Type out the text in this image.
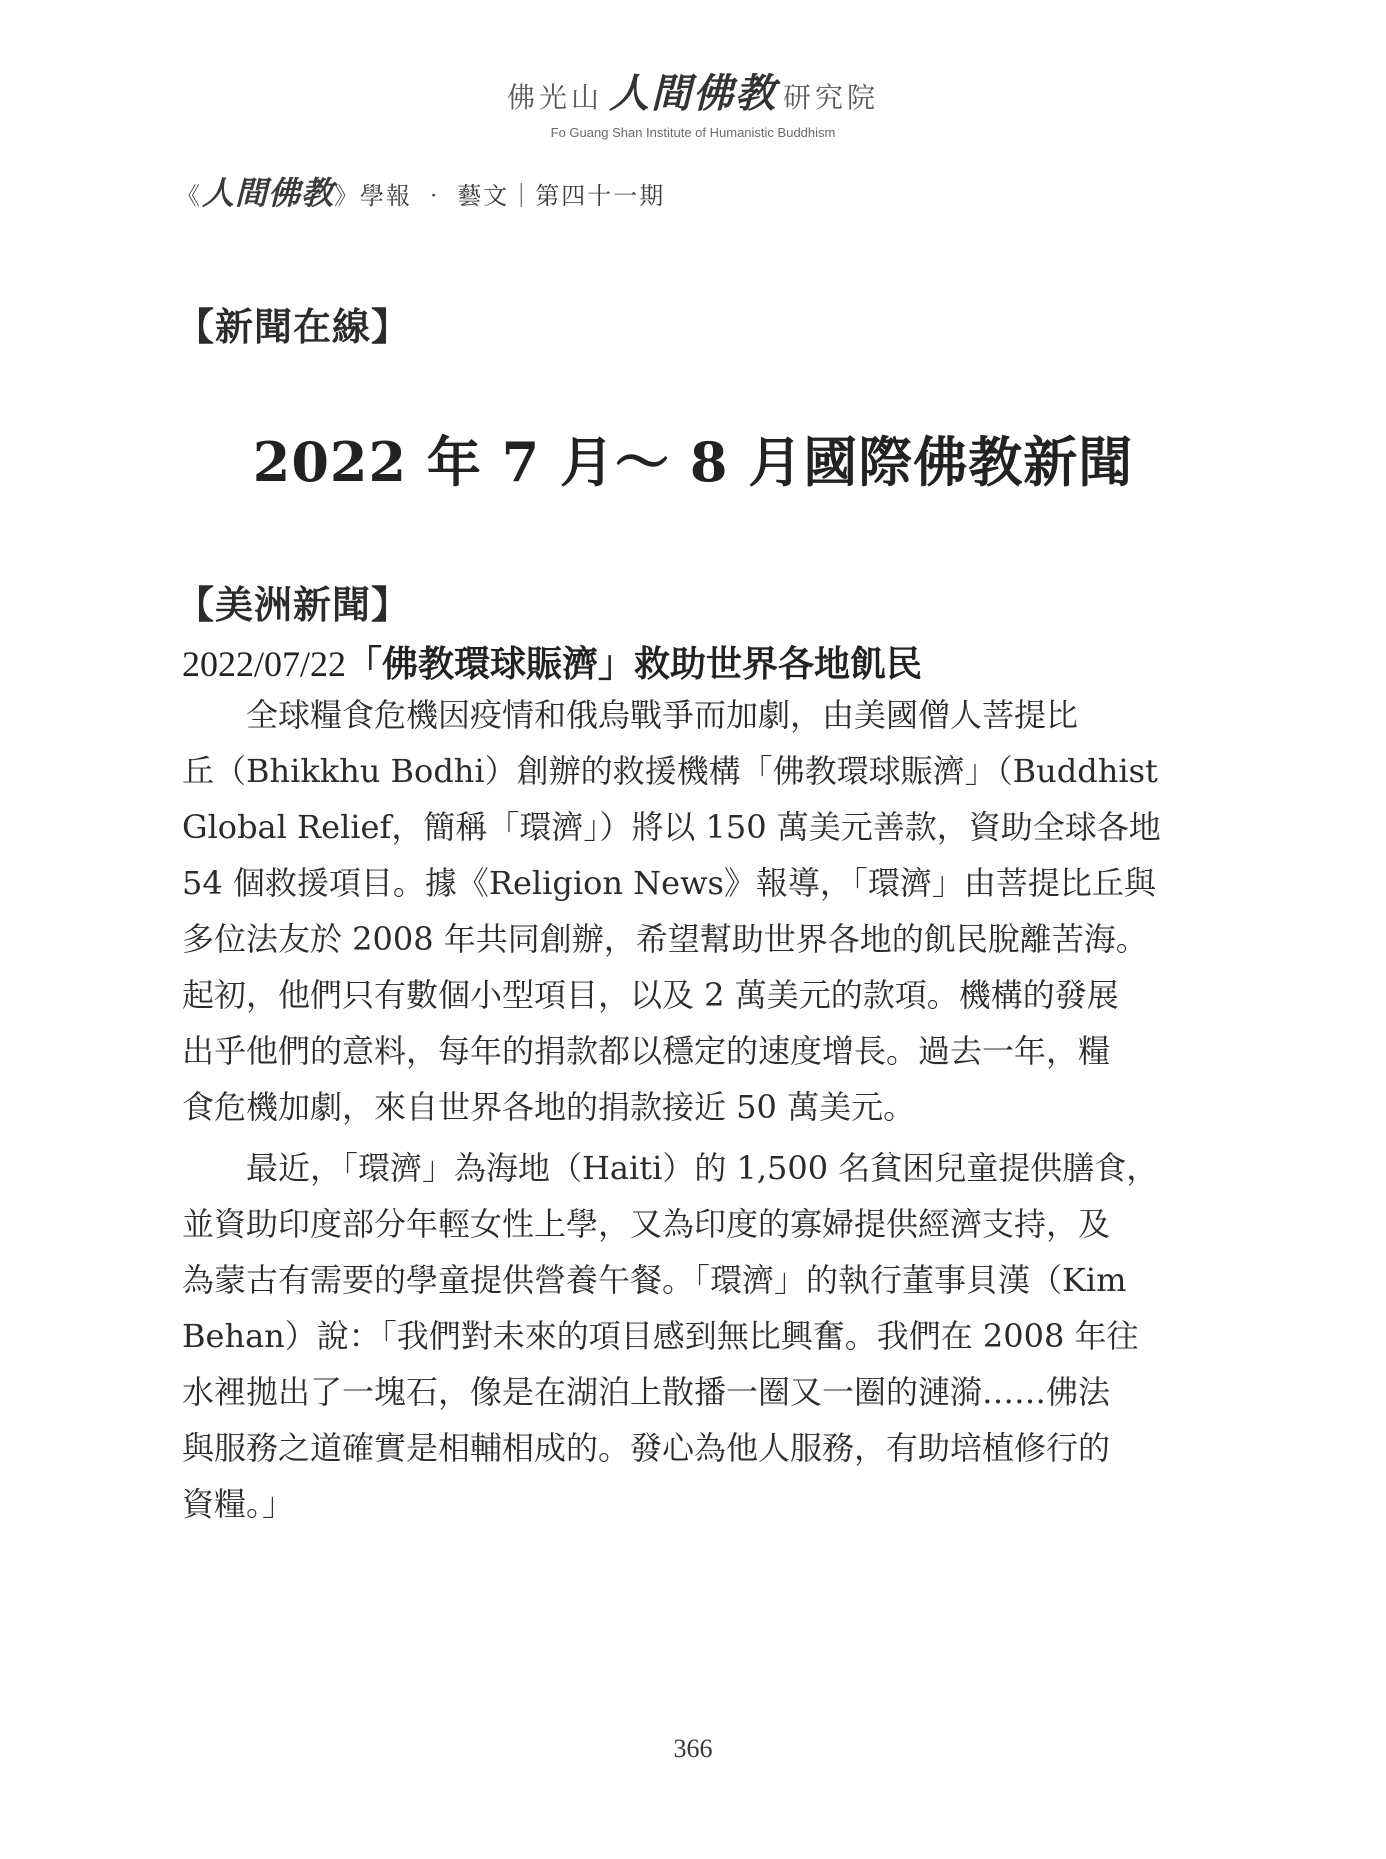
佛光山 人間佛教 研究院
Fo Guang Shan Institute of Humanistic Buddhism
《人間佛教》學報 ‧ 藝文｜第四十一期
【新聞在線】
2022 年 7 月～ 8 月國際佛教新聞
【美洲新聞】
2022/07/22「佛教環球賑濟」救助世界各地飢民
　　全球糧食危機因疫情和俄烏戰爭而加劇，由美國僧人菩提比
丘（Bhikkhu Bodhi）創辦的救援機構「佛教環球賑濟」（Buddhist
Global Relief，簡稱「環濟」）將以 150 萬美元善款，資助全球各地
54 個救援項目。據《Religion News》報導，「環濟」由菩提比丘與
多位法友於 2008 年共同創辦，希望幫助世界各地的飢民脫離苦海。
起初，他們只有數個小型項目，以及 2 萬美元的款項。機構的發展
出乎他們的意料，每年的捐款都以穩定的速度增長。過去一年，糧
食危機加劇，來自世界各地的捐款接近 50 萬美元。
　　最近，「環濟」為海地（Haiti）的 1,500 名貧困兒童提供膳食，
並資助印度部分年輕女性上學，又為印度的寡婦提供經濟支持，及
為蒙古有需要的學童提供營養午餐。「環濟」的執行董事貝漢（Kim
Behan）說：「我們對未來的項目感到無比興奮。我們在 2008 年往
水裡拋出了一塊石，像是在湖泊上散播一圈又一圈的漣漪……佛法
與服務之道確實是相輔相成的。發心為他人服務，有助培植修行的
資糧。」
366
